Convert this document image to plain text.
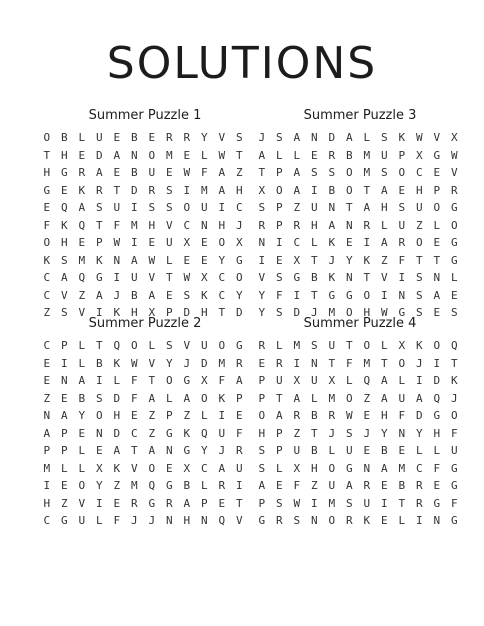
SOLUTIONS
Summer Puzzle 1
O B L U E B E R R Y V S
T H E D A N O M E L W T
H G R A E B U E W F A Z
G E K R T D R S I M A H
E Q A S U I S S O U I C
F K Q T F M H V C N H J
O H E P W I E U X E O X
K S M K N A W L E E Y G
C A Q G I U V T W X C O
C V Z A J B A E S K C Y
Z S V I K H X P D H T D
Summer Puzzle 3
J S A N D A L S K W V X
A L L E R B M U P X G W
T P A S S O M S O C E V
X O A I B O T A E H P R
S P Z U N T A H S U O G
R P R H A N R L U Z L O
N I C L K E I A R O E G
I E X T J Y K Z F T T G
V S G B K N T V I S N L
Y F I T G G O I N S A E
Y S D J M O H W G S E S
Summer Puzzle 2
C P L T Q O L S V U O G
E I L B K W V Y J D M R
E N A I L F T O G X F A
Z E B S D F A L A O K P
N A Y O H E Z P Z L I E
A P E N D C Z G K Q U F
P P L E A T A N G Y J R
M L L X K V O E X C A U
I E O Y Z M Q G B L R I
H Z V I E R G R A P E T
C G U L F J J N H N Q V
Summer Puzzle 4
R L M S U T O L X K O Q
E R I N T F M T O J I T
P U X U X L Q A L I D K
P T A L M O Z A U A Q J
O A R B R W E H F D G O
H P Z T J S J Y N Y H F
S P U B L U E B E L L U
S L X H O G N A M C F G
A E F Z U A R E B R E G
P S W I M S U I T R G F
G R S N O R K E L I N G
